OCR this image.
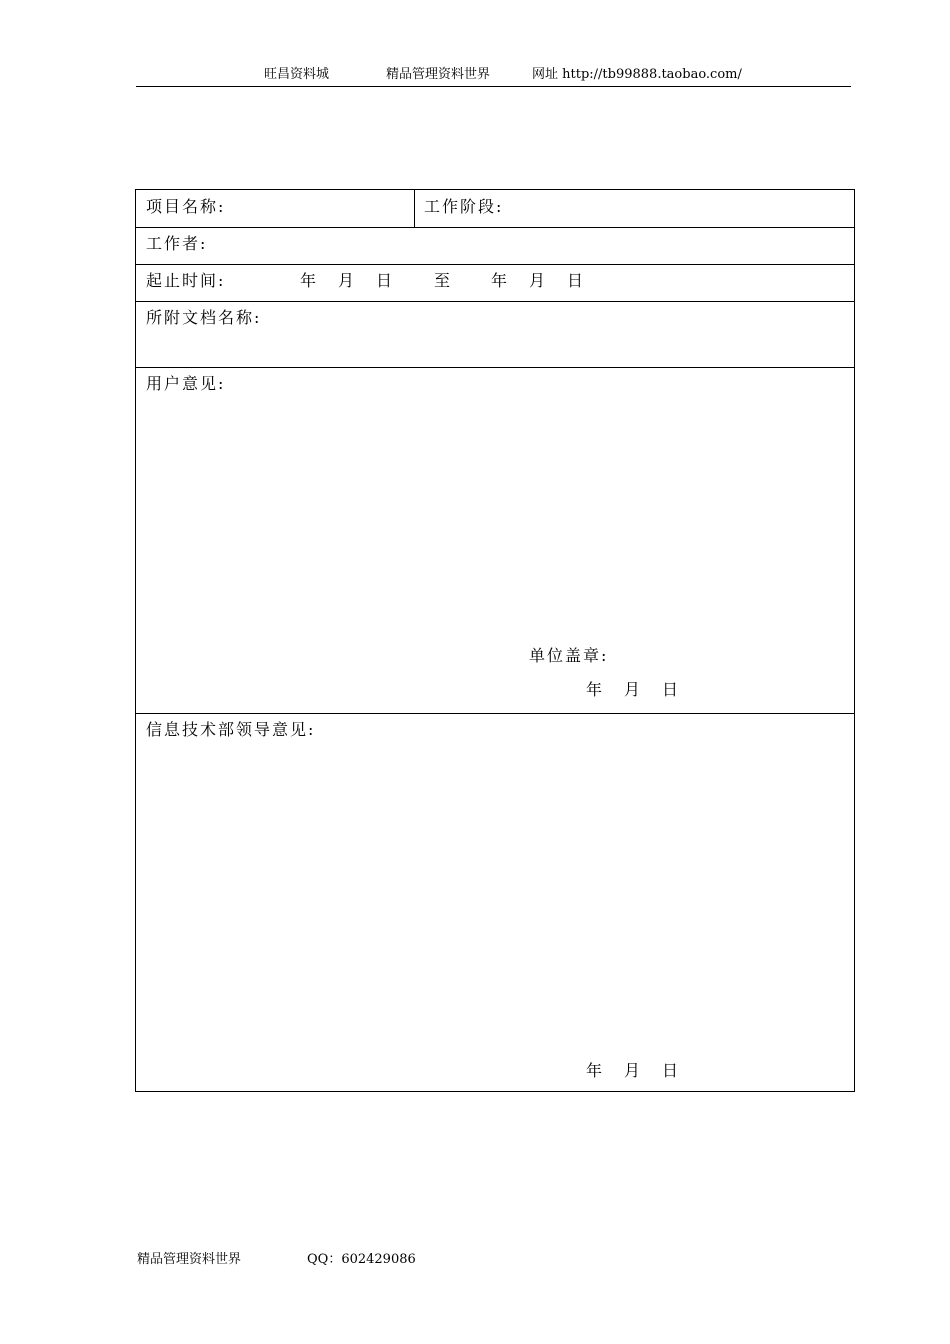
旺昌资料城	精品管理资料世界	网址 http://tb99888.taobao.com/
项目名称:	工作阶段:
工作者:
起止时间:	年 月 日 至 年 月 日
所附文档名称:
用户意见:
单位盖章:
年 月 日
信息技术部领导意见:
年 月 日
精品管理资料世界	QQ：602429086
